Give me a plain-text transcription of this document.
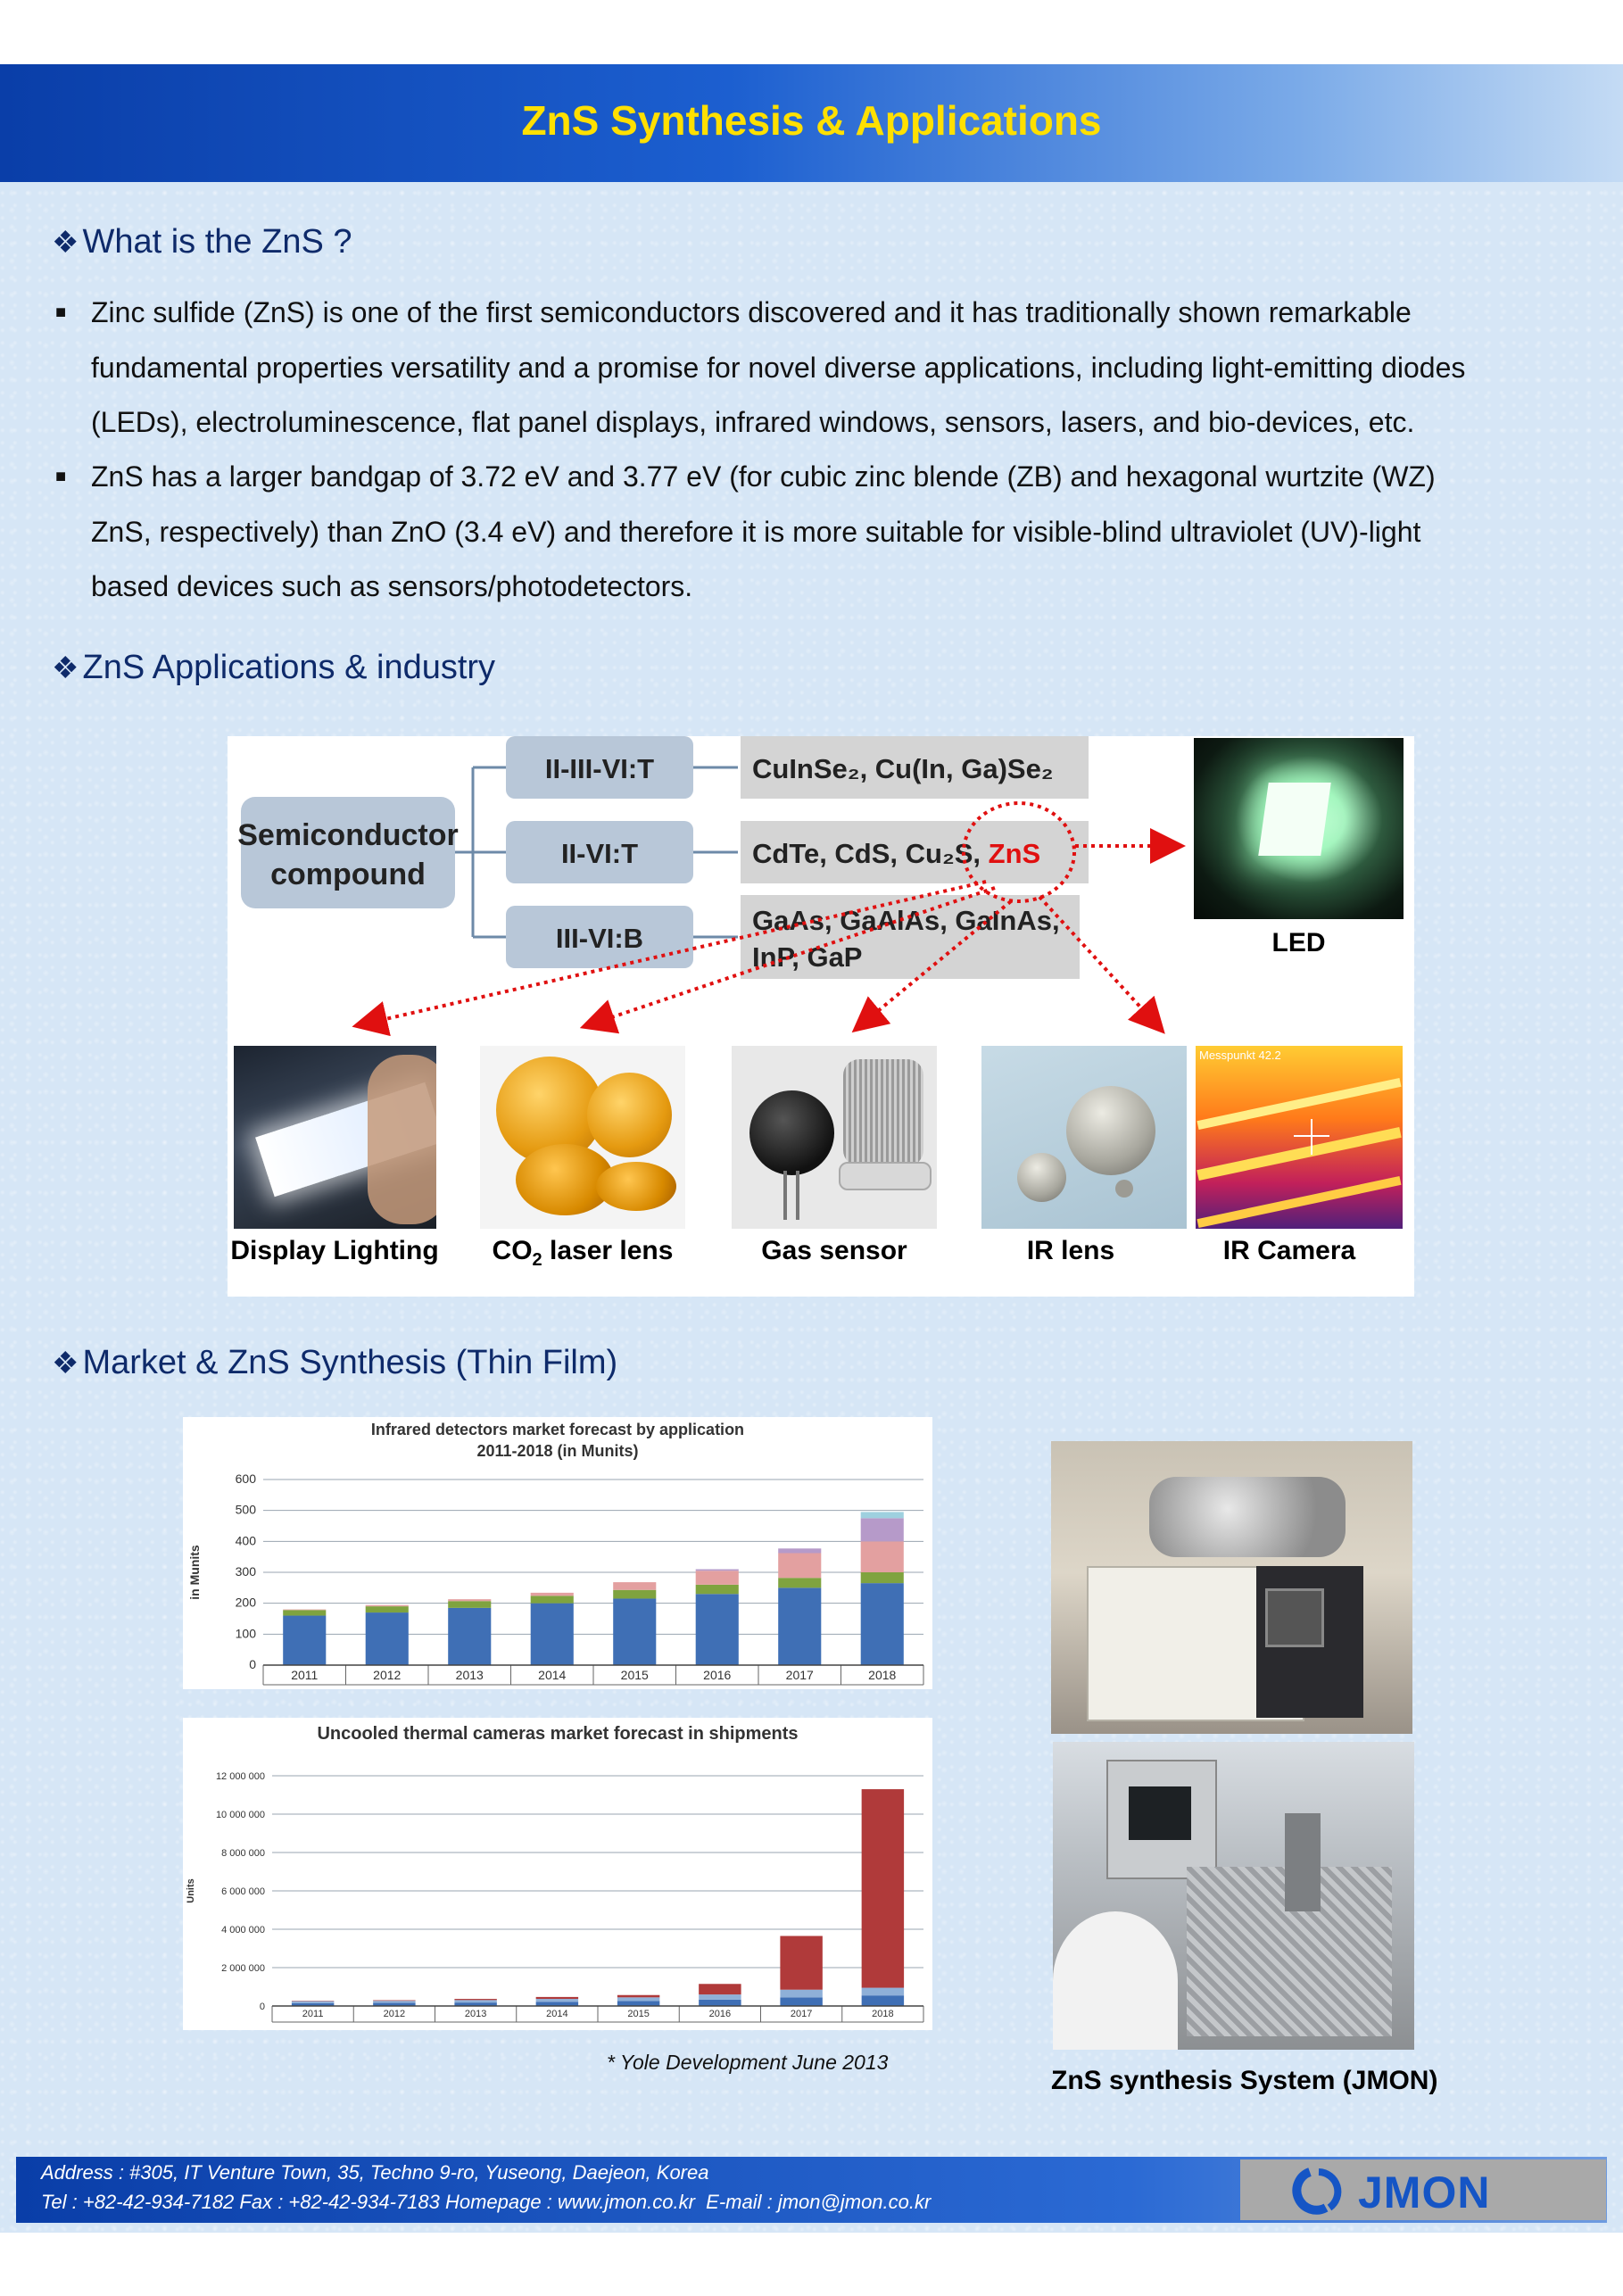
ZnS Synthesis & Applications
❖ What is the ZnS ?
■ Zinc sulfide (ZnS) is one of the first semiconductors discovered and it has traditionally shown remarkable
fundamental properties versatility and a promise for novel diverse applications, including light-emitting diodes
(LEDs), electroluminescence, flat panel displays, infrared windows, sensors, lasers, and bio-devices, etc.
■ ZnS has a larger bandgap of 3.72 eV and 3.77 eV (for cubic zinc blende (ZB) and hexagonal wurtzite (WZ)
ZnS, respectively) than ZnO (3.4 eV) and therefore it is more suitable for visible-blind ultraviolet (UV)-light
based devices such as sensors/photodetectors.
❖ ZnS Applications & industry
Semiconductor
compound
II-III-VI:T
II-VI:T
III-VI:B
CuInSe₂, Cu(In, Ga)Se₂
CdTe, CdS, Cu₂S, ZnS
GaAs, GaAlAs, GaInAs,
InP, GaP	LED
Messpunkt 42.2
Display Lighting	$CO_2$ laser lens	Gas sensor	IR lens	IR Camera
❖ Market & ZnS Synthesis (Thin Film)
Infrared detectors market forecast by application
2011-2018 (in Munits)
0
100
200
300
400
500
600
in Munits
2011	2012	2013	2014	2015	2016	2017	2018
Uncooled thermal cameras market forecast in shipments
0
2 000 000
4 000 000
6 000 000
8 000 000
10 000 000
12 000 000
Units
2011	2012	2013	2014	2015	2016	2017	2018
* Yole Development June 2013
ZnS synthesis System (JMON)
Address : #305, IT Venture Town, 35, Techno 9-ro, Yuseong, Daejeon, Korea
Tel : +82-42-934-7182 Fax : +82-42-934-7183 Homepage : www.jmon.co.kr  E-mail : jmon@jmon.co.kr	JMON
